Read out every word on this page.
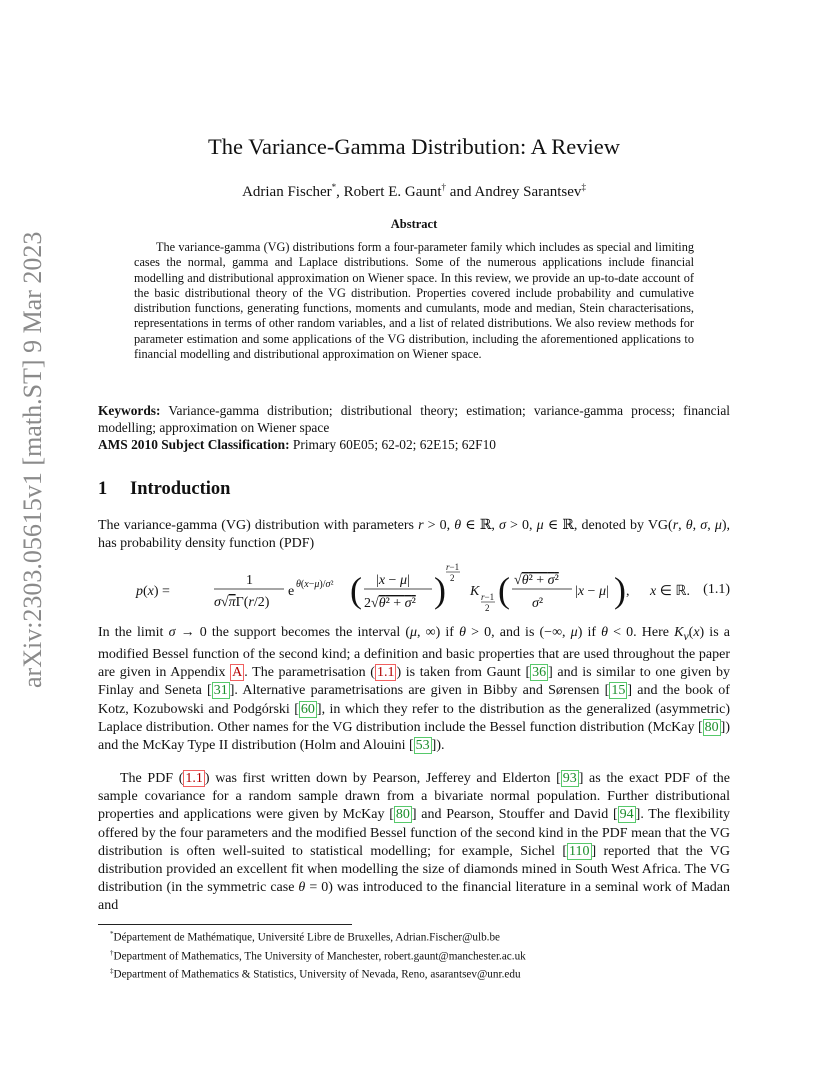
arXiv:2303.05615v1 [math.ST] 9 Mar 2023
The Variance-Gamma Distribution: A Review
Adrian Fischer*, Robert E. Gaunt† and Andrey Sarantsev‡
Abstract
The variance-gamma (VG) distributions form a four-parameter family which includes as special and limiting cases the normal, gamma and Laplace distributions. Some of the numerous applications include financial modelling and distributional approximation on Wiener space. In this review, we provide an up-to-date account of the basic distributional theory of the VG distribution. Properties covered include probability and cumulative distribution functions, generating functions, moments and cumulants, mode and median, Stein characterisations, representations in terms of other random variables, and a list of related distributions. We also review methods for parameter estimation and some applications of the VG distribution, including the aforementioned applications to financial modelling and distributional approximation on Wiener space.
Keywords: Variance-gamma distribution; distributional theory; estimation; variance-gamma process; financial modelling; approximation on Wiener space
AMS 2010 Subject Classification: Primary 60E05; 62-02; 62E15; 62F10
1 Introduction
The variance-gamma (VG) distribution with parameters r > 0, θ ∈ ℝ, σ > 0, μ ∈ ℝ, denoted by VG(r, θ, σ, μ), has probability density function (PDF)
p(x) =
1
σ√πΓ(r/2)
e θ(x−μ)/σ² ( |x − μ|
2√θ² + σ² )
r−1
2
K r−1
2 ( √θ² + σ²
σ²
|x − μ| ) , x ∈ ℝ. (1.1)
In the limit σ → 0 the support becomes the interval (μ, ∞) if θ > 0, and is (−∞, μ) if θ < 0. Here $K_\nu(x)$ is a modified Bessel function of the second kind; a definition and basic properties that are used throughout the paper are given in Appendix A . The parametrisation ( 1.1 ) is taken from Gaunt [ 36 ] and is similar to one given by Finlay and Seneta [ 31 ]. Alternative parametrisations are given in Bibby and Sørensen [ 15 ] and the book of Kotz, Kozubowski and Podgórski [ 60 ], in which they refer to the distribution as the generalized (asymmetric) Laplace distribution. Other names for the VG distribution include the Bessel function distribution (McKay [ 80 ]) and the McKay Type II distribution (Holm and Alouini [ 53 ]).
The PDF ( 1.1 ) was first written down by Pearson, Jefferey and Elderton [ 93 ] as the exact PDF of the sample covariance for a random sample drawn from a bivariate normal population. Further distributional properties and applications were given by McKay [ 80 ] and Pearson, Stouffer and David [ 94 ]. The flexibility offered by the four parameters and the modified Bessel function of the second kind in the PDF mean that the VG distribution is often well-suited to statistical modelling; for example, Sichel [ 110 ] reported that the VG distribution provided an excellent fit when modelling the size of diamonds mined in South West Africa. The VG distribution (in the symmetric case θ = 0) was introduced to the financial literature in a seminal work of Madan and
*Département de Mathématique, Université Libre de Bruxelles, Adrian.Fischer@ulb.be
†Department of Mathematics, The University of Manchester, robert.gaunt@manchester.ac.uk
‡Department of Mathematics & Statistics, University of Nevada, Reno, asarantsev@unr.edu
